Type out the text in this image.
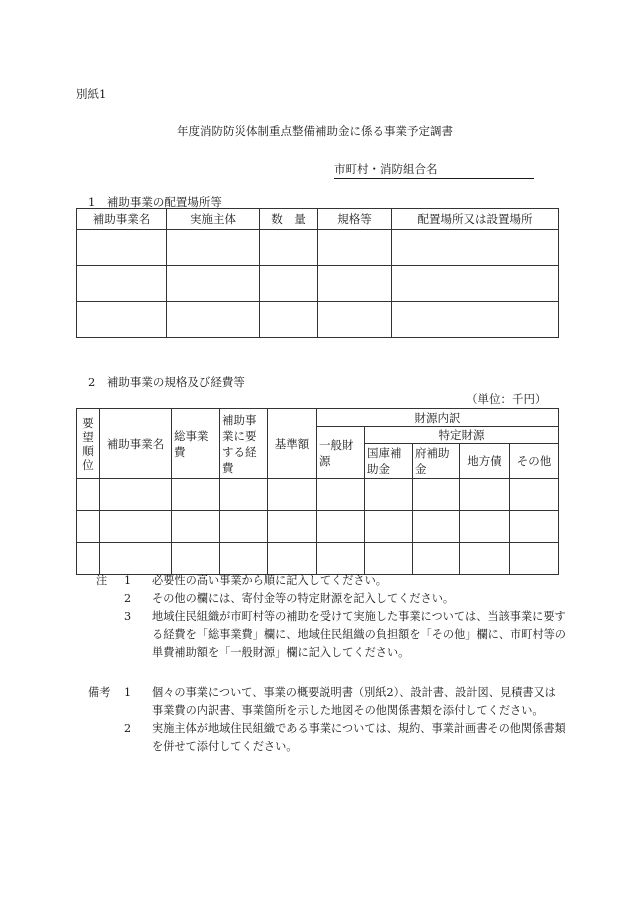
別紙1
年度消防防災体制重点整備補助金に係る事業予定調書
市町村・消防組合名
1　補助事業の配置場所等
補助事業名	実施主体	数　量	規格等	配置場所又は設置場所

2　補助事業の規格及び経費等
（単位：千円）
要望順位	補助事業名	総事業費	補助事業に要する経費	基準額	財源内訳				
					一般財源	特定財源			
						国庫補助金	府補助金	地方債	その他

注	1	必要性の高い事業から順に記入してください。
2	その他の欄には、寄付金等の特定財源を記入してください。
3	地域住民組織が市町村等の補助を受けて実施した事業については、当該事業に要する経費を「総事業費」欄に、地域住民組織の負担額を「その他」欄に、市町村等の単費補助額を「一般財源」欄に記入してください。
備考	1	個々の事業について、事業の概要説明書（別紙2）、設計書、設計図、見積書又は事業費の内訳書、事業箇所を示した地図その他関係書類を添付してください。
2	実施主体が地域住民組織である事業については、規約、事業計画書その他関係書類を併せて添付してください。
